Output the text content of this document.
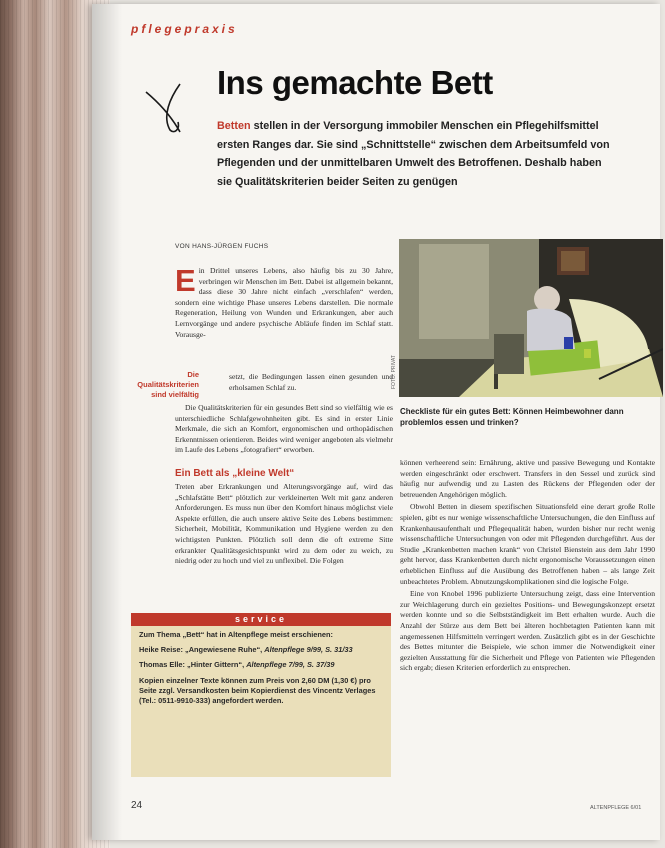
pflegepraxis
Ins gemachte Bett
Betten stellen in der Versorgung immobiler Menschen ein Pflegehilfsmittel ersten Ranges dar. Sie sind „Schnittstelle“ zwischen dem Arbeitsumfeld von Pflegenden und der unmittelbaren Umwelt des Betroffenen. Deshalb haben sie Qualitätskriterien beider Seiten zu genügen
VON HANS-JÜRGEN FUCHS
Ein Drittel unseres Lebens, also häufig bis zu 30 Jahre, verbringen wir Menschen im Bett. Dabei ist allgemein bekannt, dass diese 30 Jahre nicht einfach „verschlafen“ werden, sondern eine wichtige Phase unseres Lebens darstellen. Die normale Regeneration, Heilung von Wunden und Erkrankungen, aber auch Lernvorgänge und andere psychische Abläufe finden im Schlaf statt. Vorausge-
setzt, die Bedingungen lassen einen gesunden und erholsamen Schlaf zu.
Die Qualitätskriterien sind vielfältig
Die Qualitätskriterien für ein gesundes Bett sind so vielfältig wie es unterschiedliche Schlafgewohnheiten gibt. Es sind in erster Linie Merkmale, die sich an Komfort, ergonomischen und orthopädischen Erkenntnissen orientieren. Beides wird weniger angeboten als vielmehr im Laufe des Lebens „fotografiert“ erworben.
Ein Bett als „kleine Welt“
Treten aber Erkrankungen und Alterungsvorgänge auf, wird das „Schlafstätte Bett“ plötzlich zur verkleinerten Welt mit ganz anderen Anforderungen. Es muss nun über den Komfort hinaus möglichst viele Aspekte erfüllen, die auch unsere aktive Seite des Lebens bestimmen: Sicherheit, Mobilität, Kommunikation und Hygiene werden zu den wichtigsten Punkten. Plötzlich soll denn die oft extreme Sitte erkrankter Qualitätsgesichtspunkt wird zu dem oder zu weich, zu niedrig oder zu hoch und viel zu unflexibel. Die Folgen
service

Zum Thema „Bett“ hat in Altenpflege meist erschienen:

Heike Reise: „Angewiesene Ruhe“, Altenpflege 9/99, S. 31/33

Thomas Elle: „Hinter Gittern“, Altenpflege 7/99, S. 37/39

Kopien einzelner Texte können zum Preis von 2,60 DM (1,30 €) pro Seite zzgl. Versandkosten beim Kopierdienst des Vincentz Verlages (Tel.: 0511-9910-333) angefordert werden.

FOTO: PRIVAT
Checkliste für ein gutes Bett: Können Heimbewohner dann problemlos essen und trinken?

können verheerend sein: Ernährung, aktive und passive Bewegung und Kontakte werden eingeschränkt oder erschwert. Transfers in den Sessel und zurück sind häufig nur aufwendig und zu Lasten des Rückens der Pflegenden oder der betreuenden Angehörigen möglich.

Obwohl Betten in diesem spezifischen Situationsfeld eine derart große Rolle spielen, gibt es nur wenige wissenschaftliche Untersuchungen, die den Einfluss auf Krankenhausaufenthalt und Pflegequalität haben, wurden bisher nur recht wenig wissenschaftliche Untersuchungen von oder mit Pflegenden durchgeführt. Aus der Studie „Krankenbetten machen krank“ von Christel Bienstein aus dem Jahr 1990 geht hervor, dass Krankenbetten durch nicht ergonomische Voraussetzungen einen erheblichen Einfluss auf die Ausübung des Betroffenen haben – als lange Zeit unbeachtetes Problem. Abnutzungskomplikationen sind die logische Folge.

Eine von Knobel 1996 publizierte Untersuchung zeigt, dass eine Intervention zur Weichlagerung durch ein gezieltes Positions- und Bewegungskonzept ersetzt werden konnte und so die Selbstständigkeit im Bett erhalten wurde. Auch die Anzahl der Stürze aus dem Bett bei älteren hochbetagten Patienten kann mit angemessenen Hilfsmitteln verringert werden. Zusätzlich gibt es in der Geschichte des Bettes mitunter die Beispiele, wie schon immer die Notwendigkeit einer gezielten Ausstattung für die Sicherheit und Pflege von Patienten wie Pflegenden sich ergab; diesen Kriterien erforderlich zu entsprechen.

24	ALTENPFLEGE 6/01
